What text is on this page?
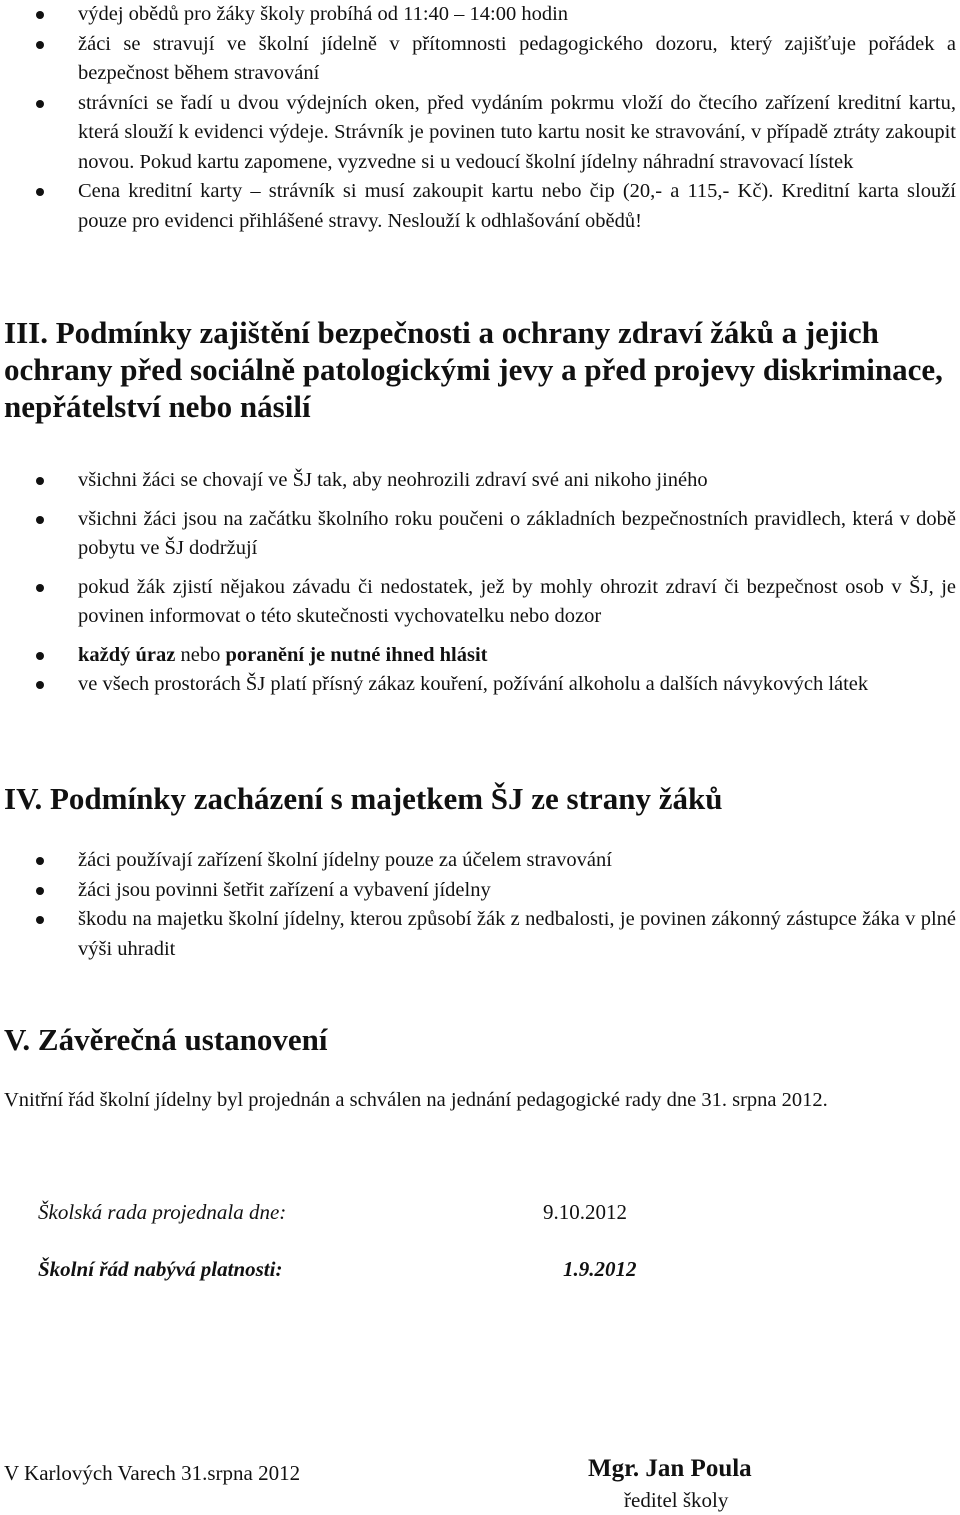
výdej obědů pro žáky školy probíhá od 11:40 – 14:00 hodin
žáci se stravují ve školní jídelně v přítomnosti pedagogického dozoru, který zajišťuje pořádek a bezpečnost během stravování
strávníci se řadí u dvou výdejních oken, před vydáním pokrmu vloží do čtecího zařízení kreditní kartu, která slouží k evidenci výdeje. Strávník je povinen tuto kartu nosit ke stravování, v případě ztráty zakoupit novou. Pokud kartu zapomene, vyzvedne si u vedoucí školní jídelny náhradní stravovací lístek
Cena kreditní karty – strávník si musí zakoupit kartu nebo čip (20,- a 115,- Kč). Kreditní karta slouží pouze pro evidenci přihlášené stravy. Neslouží k odhlašování obědů!
III. Podmínky zajištění bezpečnosti a ochrany zdraví žáků a jejich ochrany před sociálně patologickými jevy a před projevy diskriminace, nepřátelství nebo násilí
všichni žáci se chovají ve ŠJ tak, aby neohrozili zdraví své ani nikoho jiného
všichni žáci jsou na začátku školního roku poučeni o základních bezpečnostních pravidlech, která v době pobytu ve ŠJ dodržují
pokud žák zjistí nějakou závadu či nedostatek, jež by mohly ohrozit zdraví či bezpečnost osob v ŠJ, je povinen informovat o této skutečnosti vychovatelku nebo dozor
každý úraz nebo poranění je nutné ihned hlásit
ve všech prostorách ŠJ platí přísný zákaz kouření, požívání alkoholu a dalších návykových látek
IV. Podmínky zacházení s majetkem ŠJ ze strany žáků
žáci používají zařízení školní jídelny pouze za účelem stravování
žáci jsou povinni šetřit zařízení a vybavení jídelny
škodu na majetku školní jídelny, kterou způsobí žák z nedbalosti, je povinen zákonný zástupce žáka v plné výši uhradit
V. Závěrečná ustanovení

Vnitřní řád školní jídelny byl projednán a schválen na jednání pedagogické rady dne 31. srpna 2012.

Školská rada projednala dne:	9.10.2012
Školní řád nabývá platnosti:	1.9.2012
V Karlových Varech 31.srpna 2012	Mgr. Jan Poula
ředitel školy
